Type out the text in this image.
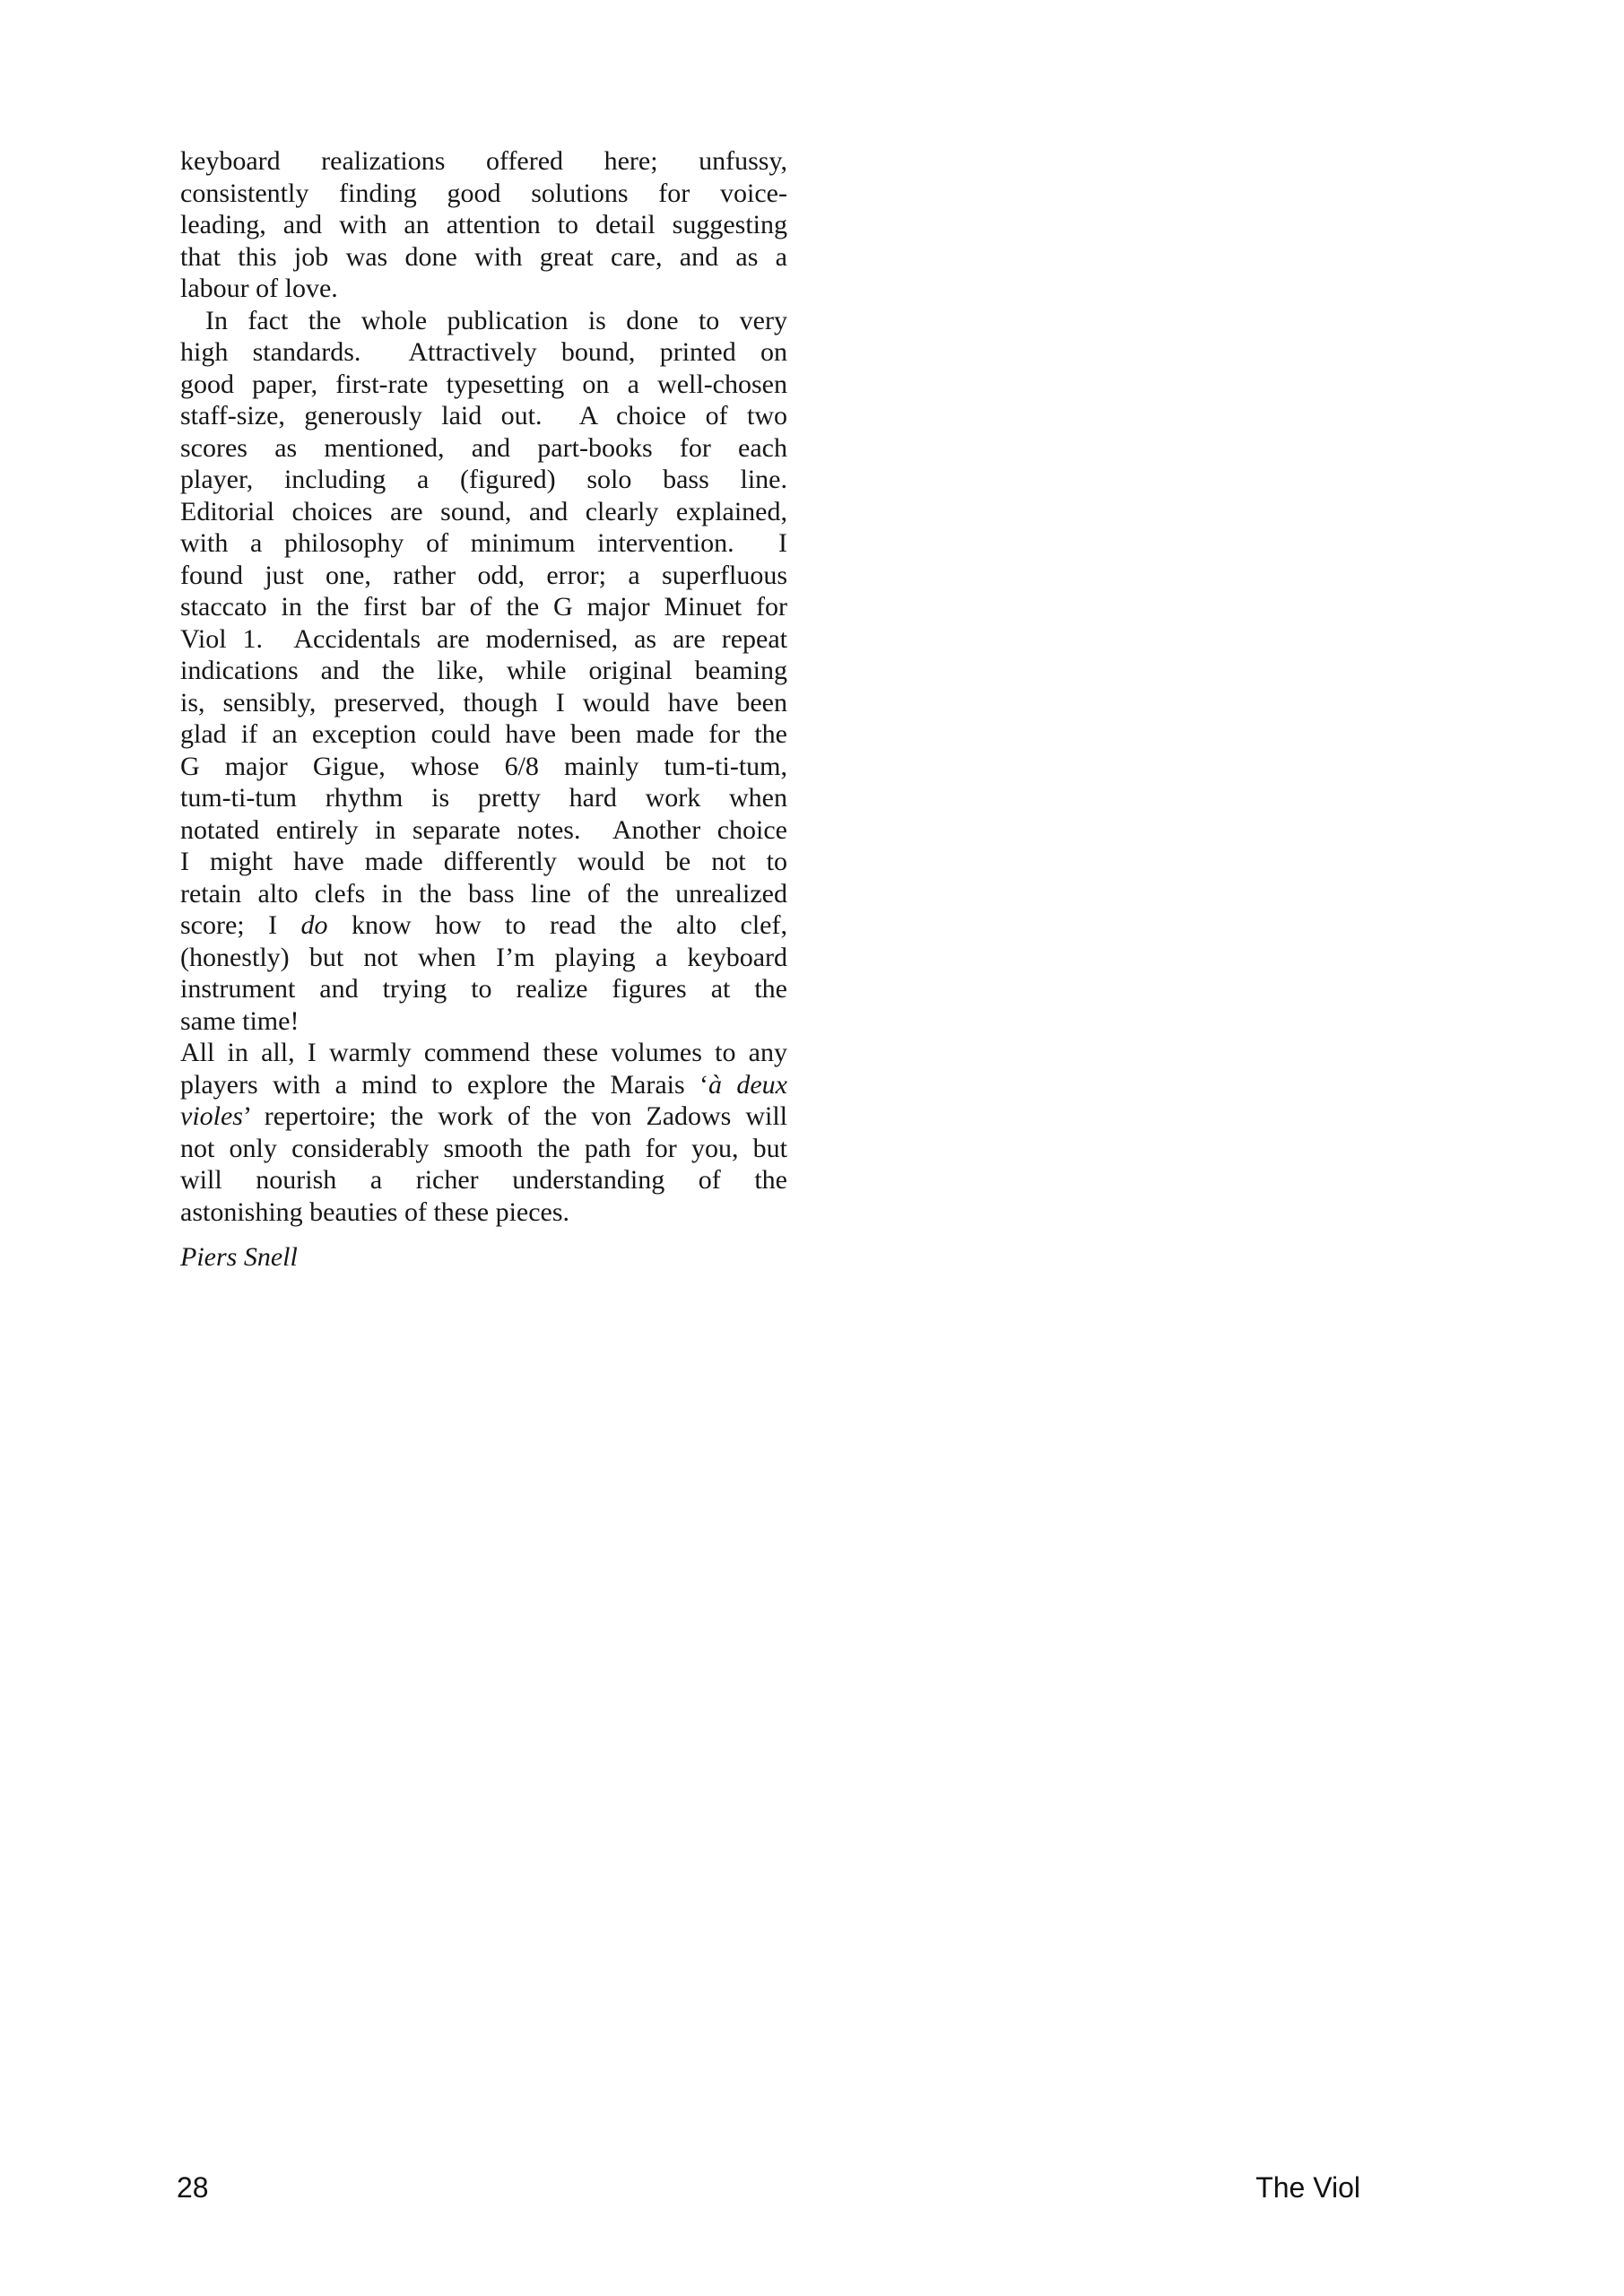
keyboard realizations offered here; unfussy,
consistently finding good solutions for voice-
leading, and with an attention to detail suggesting
that this job was done with great care, and as a
labour of love.
In fact the whole publication is done to very
high standards.  Attractively bound, printed on
good paper, first-rate typesetting on a well-chosen
staff-size, generously laid out.  A choice of two
scores as mentioned, and part-books for each
player, including a (figured) solo bass line.
Editorial choices are sound, and clearly explained,
with a philosophy of minimum intervention.  I
found just one, rather odd, error; a superfluous
staccato in the first bar of the G major Minuet for
Viol 1.  Accidentals are modernised, as are repeat
indications and the like, while original beaming
is, sensibly, preserved, though I would have been
glad if an exception could have been made for the
G major Gigue, whose 6/8 mainly tum-ti-tum,
tum-ti-tum rhythm is pretty hard work when
notated entirely in separate notes.  Another choice
I might have made differently would be not to
retain alto clefs in the bass line of the unrealized
score; I do know how to read the alto clef,
(honestly) but not when I’m playing a keyboard
instrument and trying to realize figures at the
same time!
All in all, I warmly commend these volumes to any
players with a mind to explore the Marais ‘à deux
violes’ repertoire; the work of the von Zadows will
not only considerably smooth the path for you, but
will nourish a richer understanding of the
astonishing beauties of these pieces.
Piers Snell
28	The Viol
